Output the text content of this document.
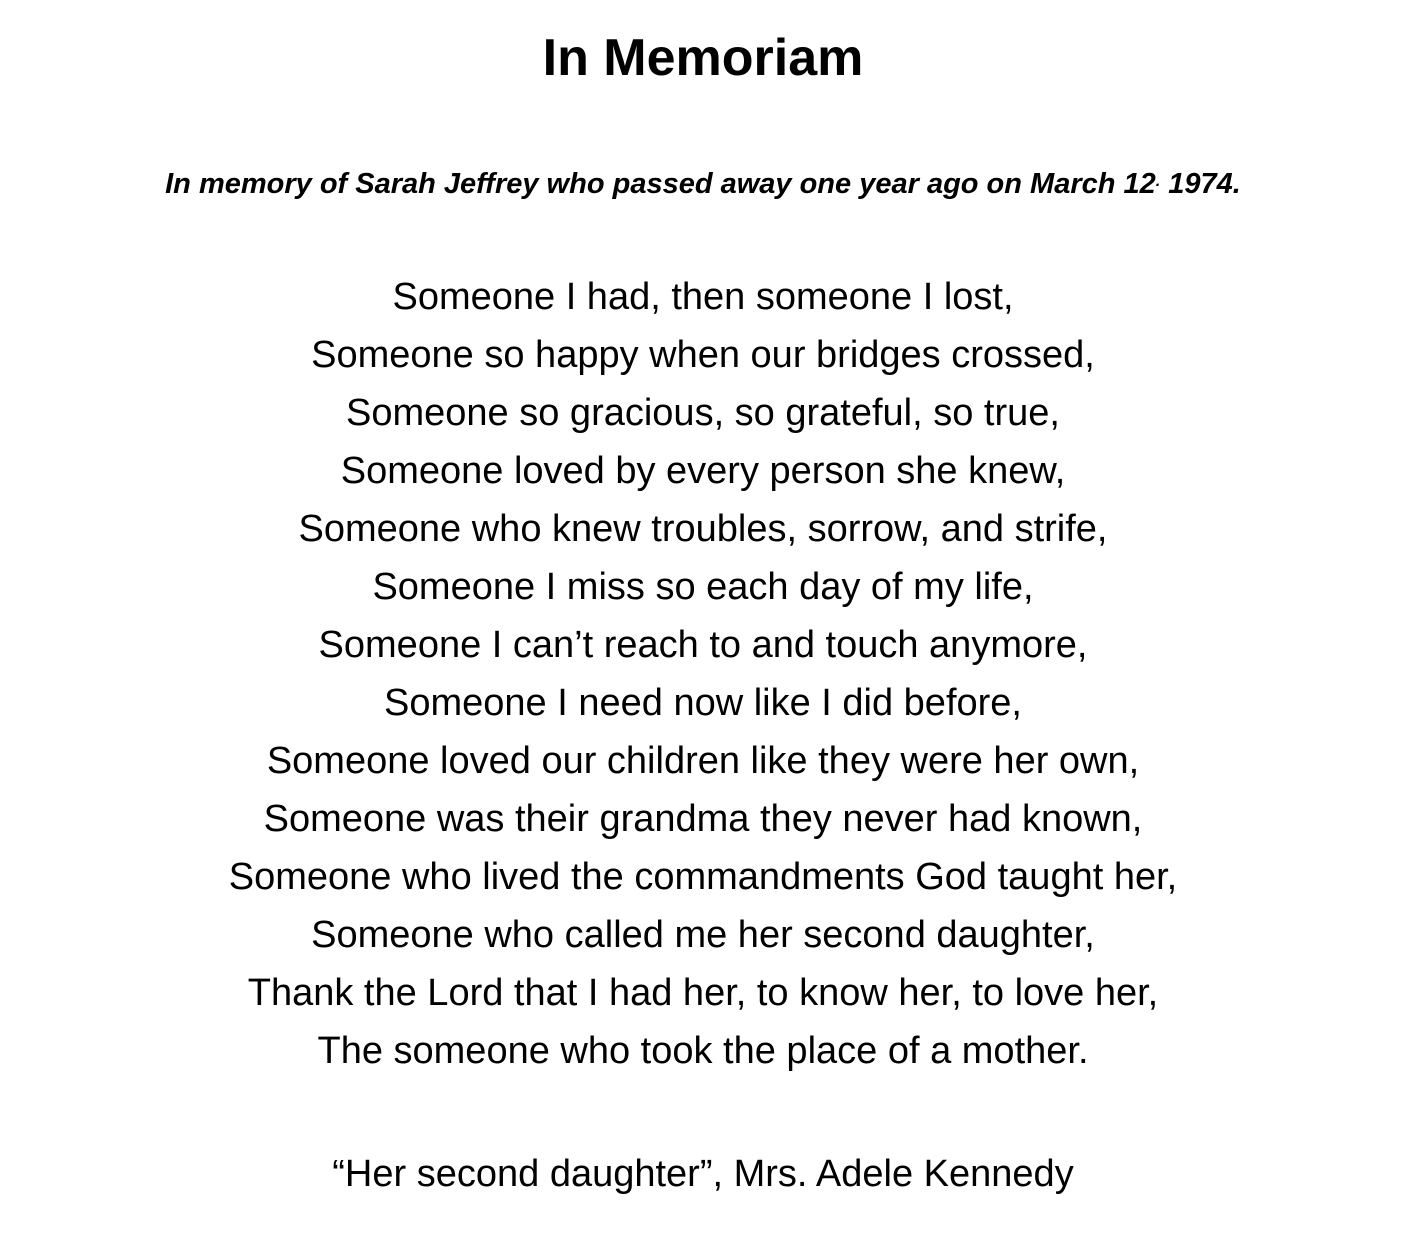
In Memoriam
In memory of Sarah Jeffrey who passed away one year ago on March 12. 1974.
Someone I had, then someone I lost,
Someone so happy when our bridges crossed,
Someone so gracious, so grateful, so true,
Someone loved by every person she knew,
Someone who knew troubles, sorrow, and strife,
Someone I miss so each day of my life,
Someone I can’t reach to and touch anymore,
Someone I need now like I did before,
Someone loved our children like they were her own,
Someone was their grandma they never had known,
Someone who lived the commandments God taught her,
Someone who called me her second daughter,
Thank the Lord that I had her, to know her, to love her,
The someone who took the place of a mother.
“Her second daughter”, Mrs. Adele Kennedy
